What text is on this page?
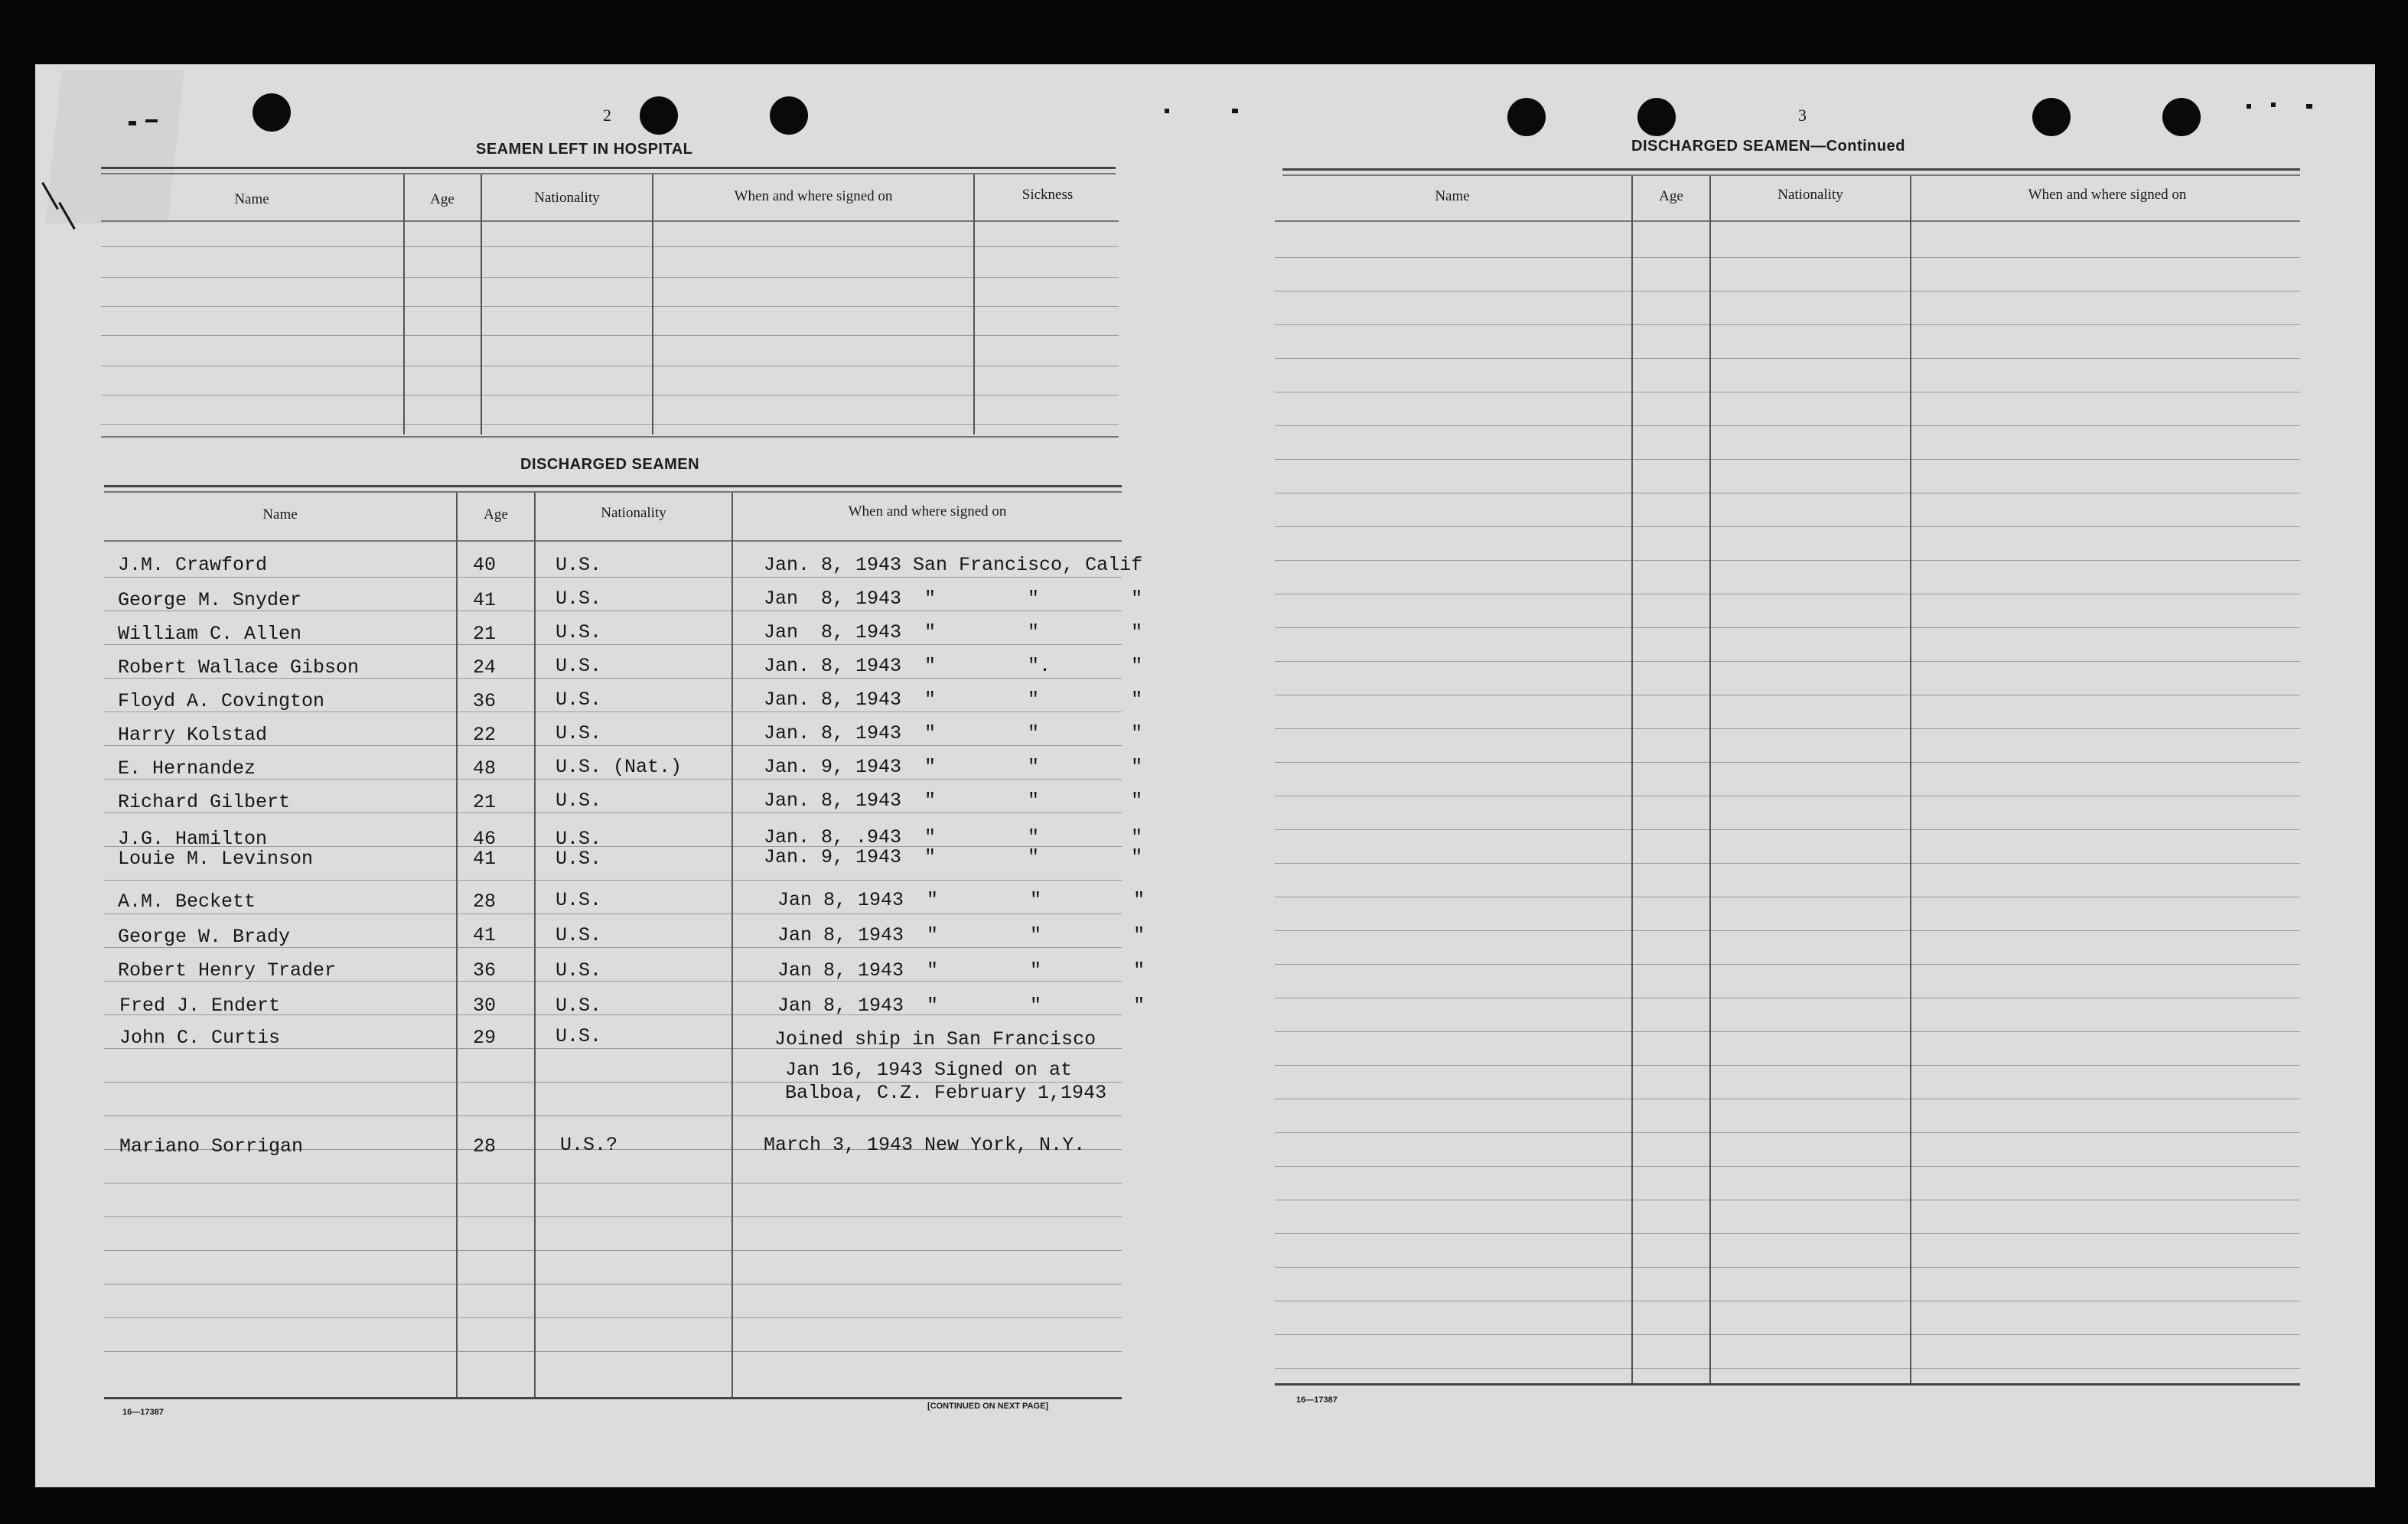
2
SEAMEN LEFT IN HOSPITAL
Name	Age	Nationality	When and where signed on	Sickness
DISCHARGED SEAMEN
Name	Age	Nationality	When and where signed on
J.M. Crawford	40	U.S.	Jan. 8, 1943 San Francisco, Calif
George M. Snyder	41	U.S.	Jan  8, 1943  "        "        "
William C. Allen	21	U.S.	Jan  8, 1943  "        "        "
Robert Wallace Gibson	24	U.S.	Jan. 8, 1943  "        ".       "
Floyd A. Covington	36	U.S.	Jan. 8, 1943  "        "        "
Harry Kolstad	22	U.S.	Jan. 8, 1943  "        "        "
E. Hernandez	48	U.S. (Nat.)	Jan. 9, 1943  "        "        "
Richard Gilbert	21	U.S.	Jan. 8, 1943  "        "        "
J.G. Hamilton	46	U.S.	Jan. 8, .943  "        "        "
Louie M. Levinson	41	U.S.	Jan. 9, 1943  "        "        "
A.M. Beckett	28	U.S.	Jan 8, 1943  "        "        "
George W. Brady	41	U.S.	Jan 8, 1943  "        "        "
Robert Henry Trader	36	U.S.	Jan 8, 1943  "        "        "
Fred J. Endert	30	U.S.	Jan 8, 1943  "        "        "
John C. Curtis	29	U.S.	Joined ship in San Francisco
Jan 16, 1943 Signed on at
Balboa, C.Z. February 1,1943
Mariano Sorrigan	28	U.S.?	March 3, 1943 New York, N.Y.
16—17387
[CONTINUED ON NEXT PAGE]
3
DISCHARGED SEAMEN—Continued
Name	Age	Nationality	When and where signed on
16—17387
